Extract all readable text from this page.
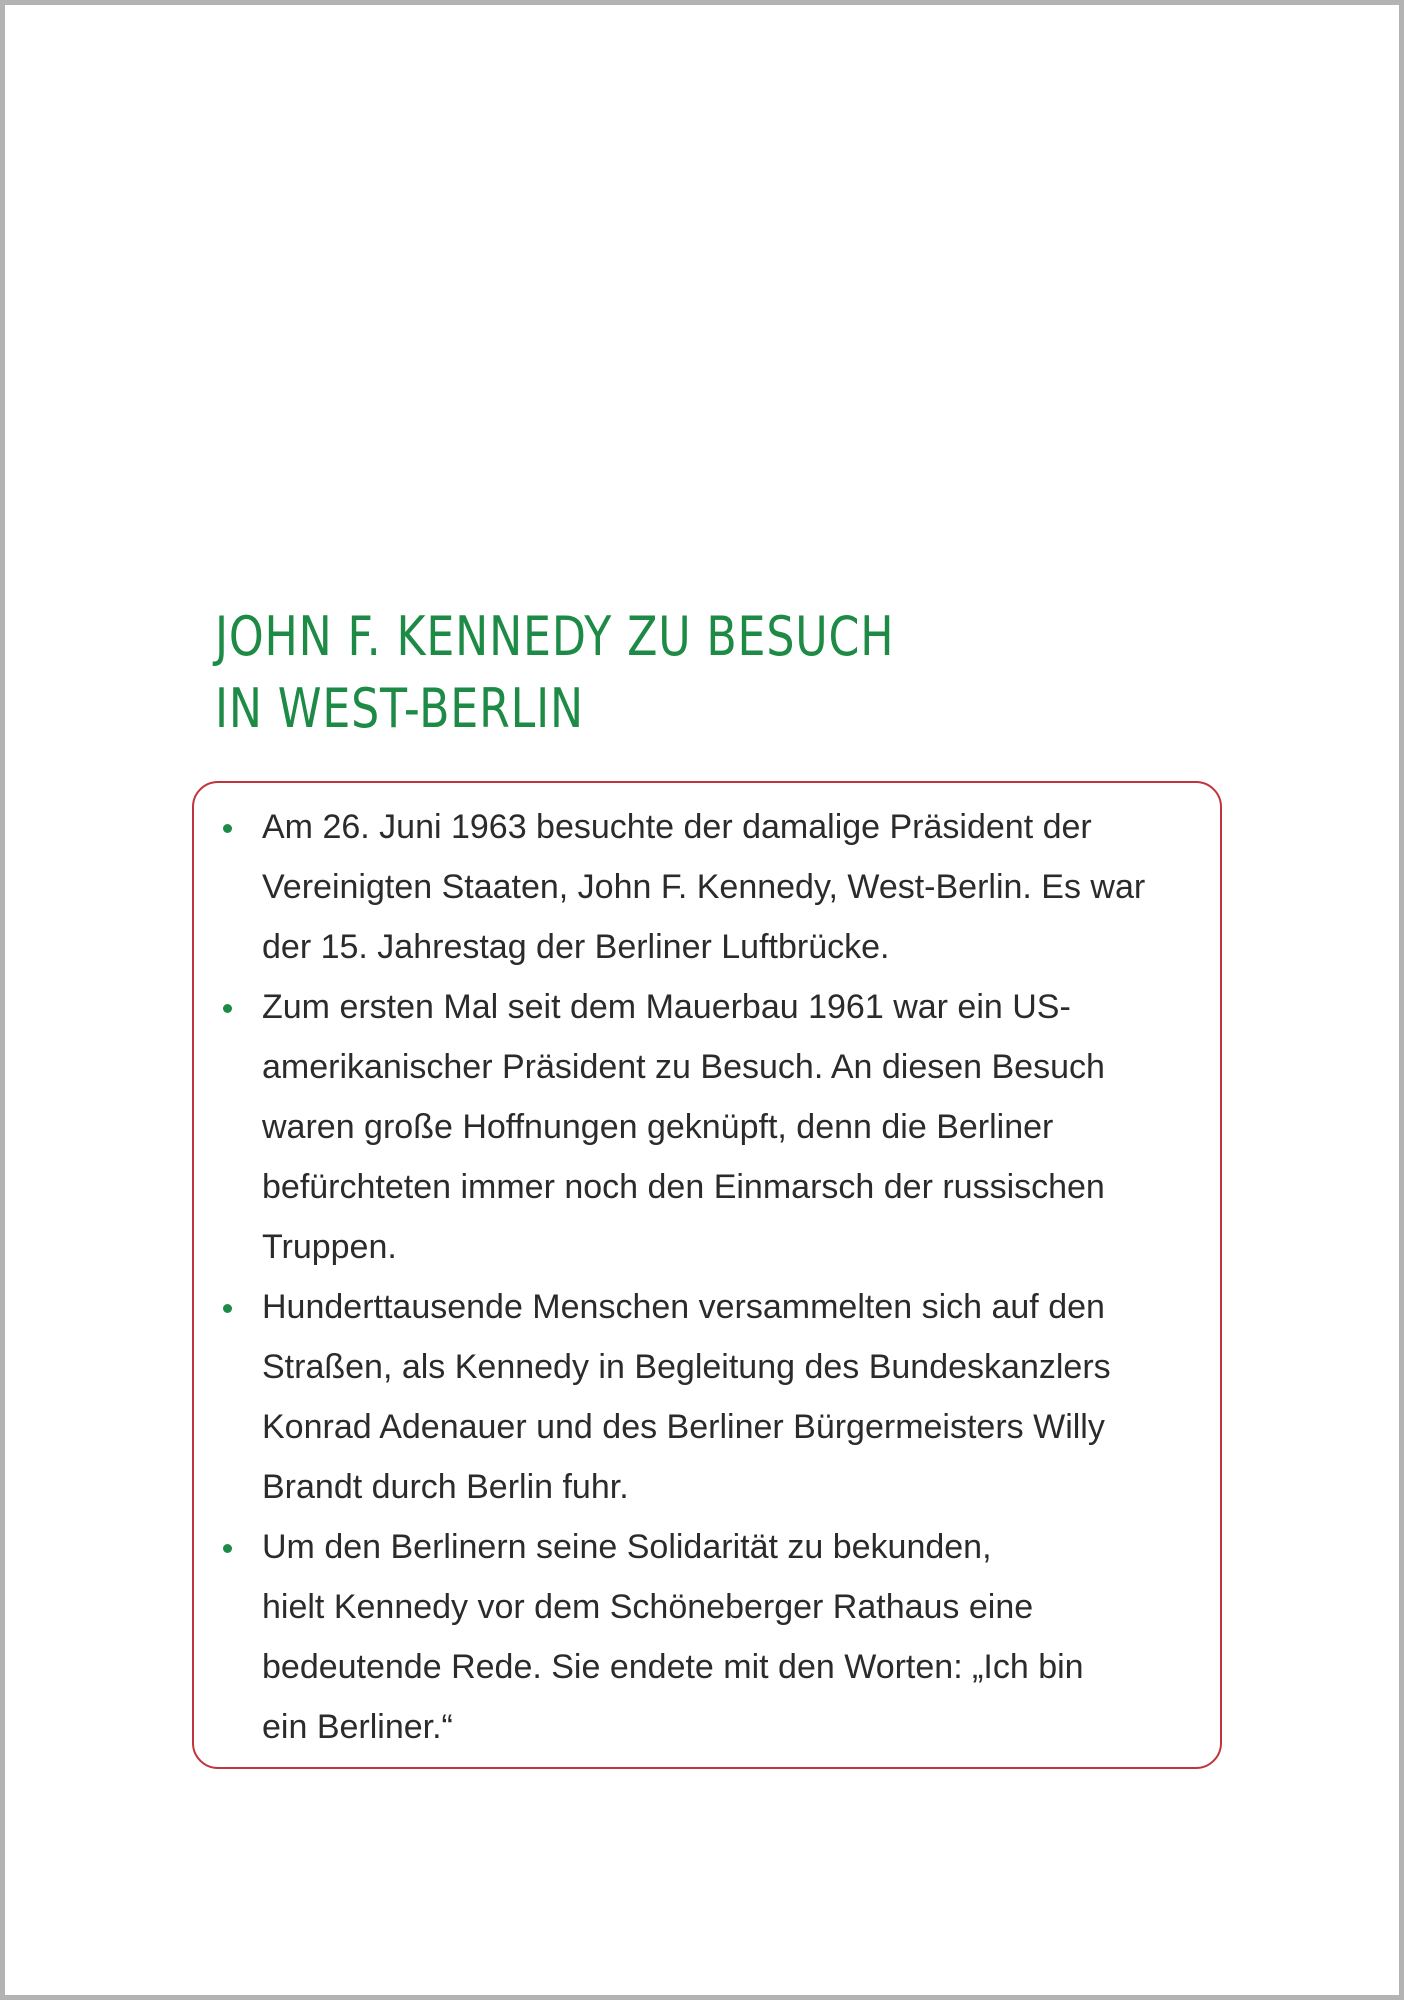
JOHN F. KENNEDY ZU BESUCH
IN WEST-BERLIN
Am 26. Juni 1963 besuchte der damalige Präsident der
Vereinigten Staaten, John F. Kennedy, West-Berlin. Es war
der 15. Jahrestag der Berliner Luftbrücke.
Zum ersten Mal seit dem Mauerbau 1961 war ein US-
amerikanischer Präsident zu Besuch. An diesen Besuch
waren große Hoffnungen geknüpft, denn die Berliner
befürchteten immer noch den Einmarsch der russischen
Truppen.
Hunderttausende Menschen versammelten sich auf den
Straßen, als Kennedy in Begleitung des Bundeskanzlers
Konrad Adenauer und des Berliner Bürgermeisters Willy
Brandt durch Berlin fuhr.
Um den Berlinern seine Solidarität zu bekunden,
hielt Kennedy vor dem Schöneberger Rathaus eine
bedeutende Rede. Sie endete mit den Worten: „Ich bin
ein Berliner.“
